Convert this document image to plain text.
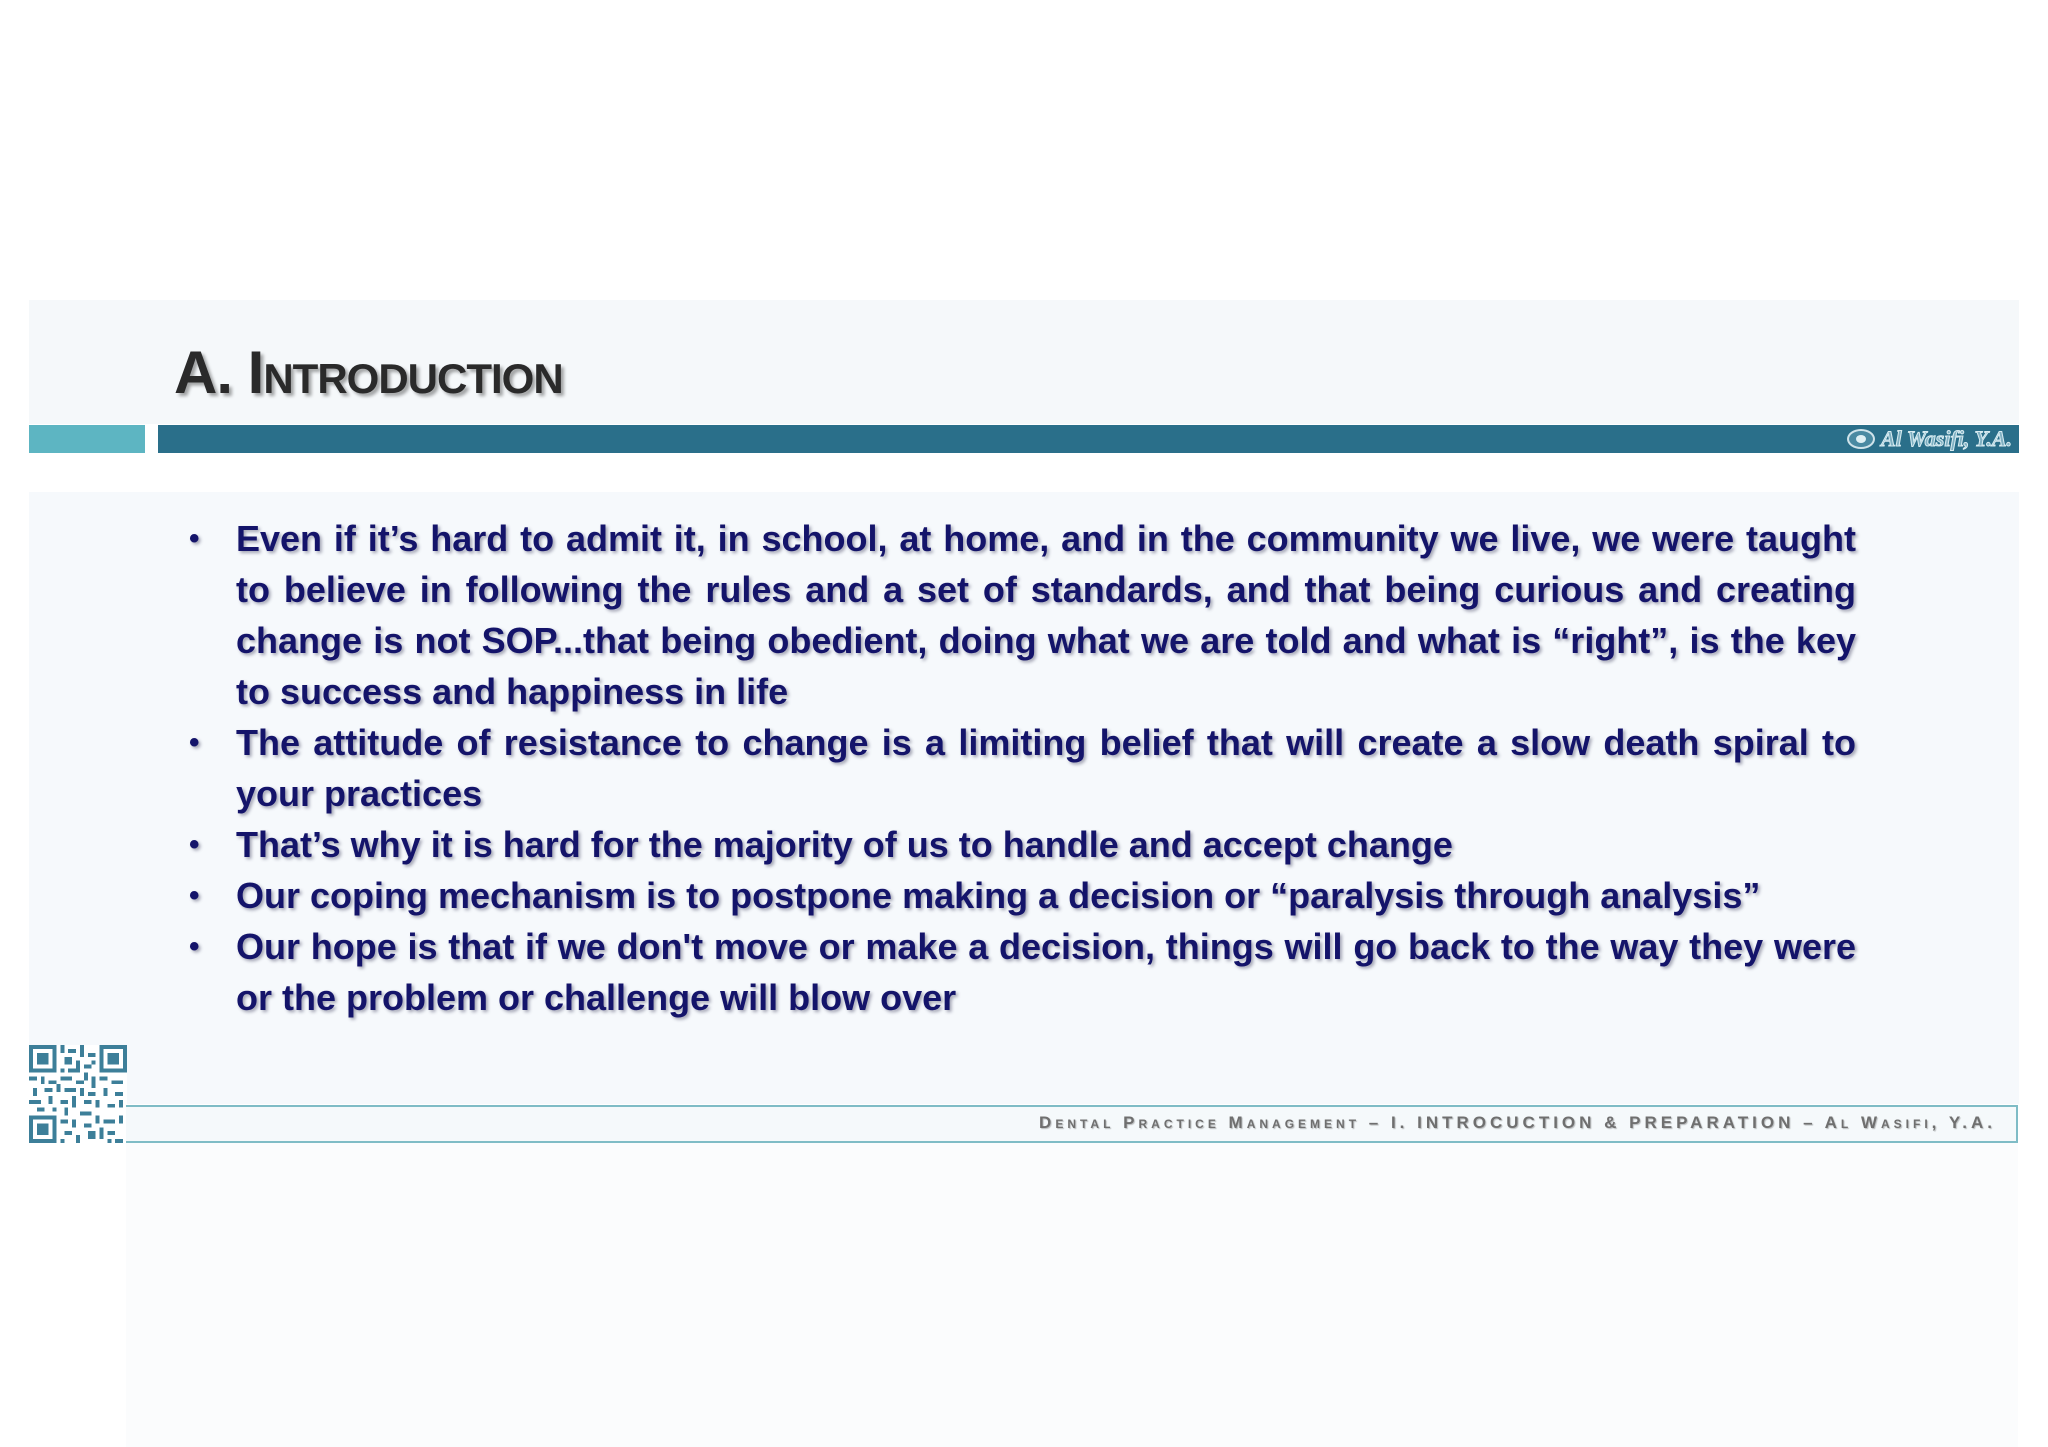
A. Introduction
Al Wasifi, Y.A.
• Even if it’s hard to admit it, in school, at home, and in the community we live, we were taught to believe in following the rules and a set of standards, and that being curious and creating change is not SOP...that being obedient, doing what we are told and what is “right”, is the key to success and happiness in life
• The attitude of resistance to change is a limiting belief that will create a slow death spiral to your practices
• That’s why it is hard for the majority of us to handle and accept change
• Our coping mechanism is to postpone making a decision or “paralysis through analysis”
• Our hope is that if we don't move or make a decision, things will go back to the way they were or the problem or challenge will blow over
Dental Practice Management – I. INTROCUCTION & PREPARATION – Al Wasifi, Y.A.
